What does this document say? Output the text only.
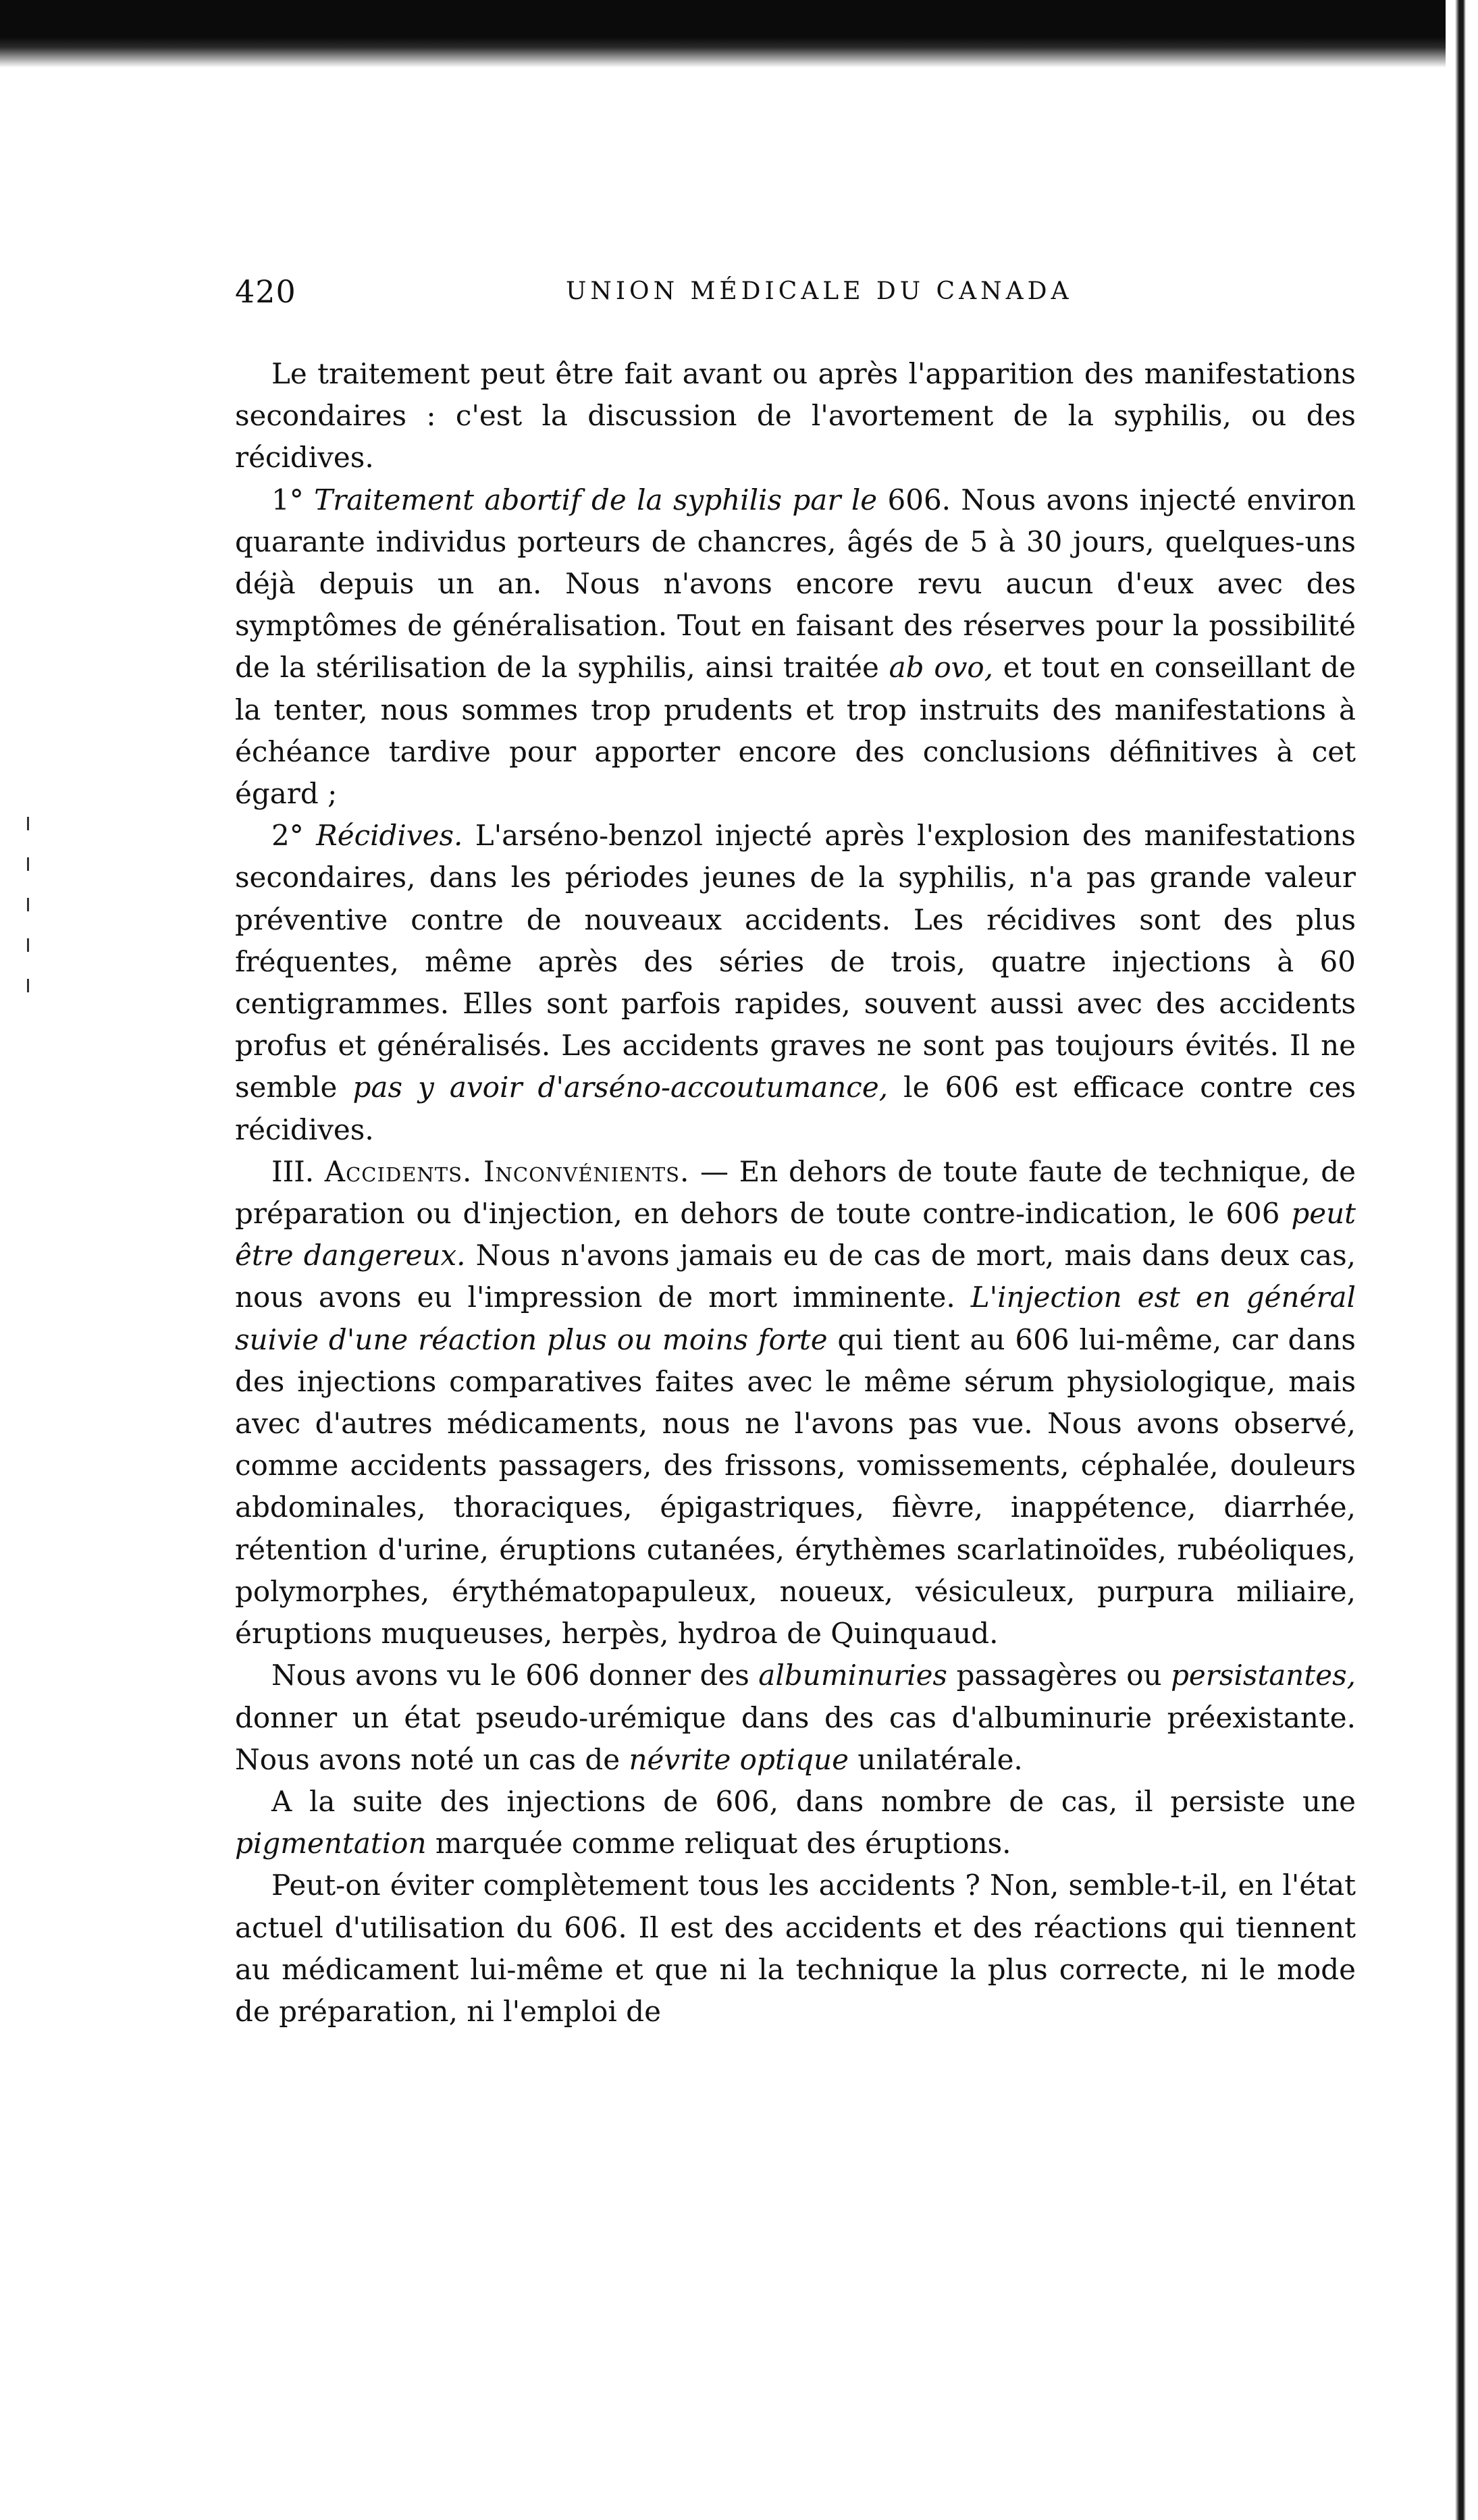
420	UNION MÉDICALE DU CANADA

Le traitement peut être fait avant ou après l'apparition des manifestations secondaires : c'est la discussion de l'avortement de la syphilis, ou des récidives.

1° Traitement abortif de la syphilis par le 606. Nous avons injecté environ quarante individus porteurs de chancres, âgés de 5 à 30 jours, quelques-uns déjà depuis un an. Nous n'avons encore revu aucun d'eux avec des symptômes de généralisation. Tout en faisant des réserves pour la possibilité de la stérilisation de la syphilis, ainsi traitée ab ovo, et tout en conseillant de la tenter, nous sommes trop prudents et trop instruits des manifestations à échéance tardive pour apporter encore des conclusions définitives à cet égard ;

2° Récidives. L'arséno-benzol injecté après l'explosion des manifestations secondaires, dans les périodes jeunes de la syphilis, n'a pas grande valeur préventive contre de nouveaux accidents. Les récidives sont des plus fréquentes, même après des séries de trois, quatre injections à 60 centigrammes. Elles sont parfois rapides, souvent aussi avec des accidents profus et généralisés. Les accidents graves ne sont pas toujours évités. Il ne semble pas y avoir d'arséno-accoutumance, le 606 est efficace contre ces récidives.

III. Accidents. Inconvénients. — En dehors de toute faute de technique, de préparation ou d'injection, en dehors de toute contre-indication, le 606 peut être dangereux. Nous n'avons jamais eu de cas de mort, mais dans deux cas, nous avons eu l'impression de mort imminente. L'injection est en général suivie d'une réaction plus ou moins forte qui tient au 606 lui-même, car dans des injections comparatives faites avec le même sérum physiologique, mais avec d'autres médicaments, nous ne l'avons pas vue. Nous avons observé, comme accidents passagers, des frissons, vomissements, céphalée, douleurs abdominales, thoraciques, épigastriques, fièvre, inappétence, diarrhée, rétention d'urine, éruptions cutanées, érythèmes scarlatinoïdes, rubéoliques, polymorphes, érythématopapuleux, noueux, vésiculeux, purpura miliaire, éruptions muqueuses, herpès, hydroa de Quinquaud.

Nous avons vu le 606 donner des albuminuries passagères ou persistantes, donner un état pseudo-urémique dans des cas d'albuminurie préexistante. Nous avons noté un cas de névrite optique unilatérale.

A la suite des injections de 606, dans nombre de cas, il persiste une pigmentation marquée comme reliquat des éruptions.

Peut-on éviter complètement tous les accidents ? Non, semble-t-il, en l'état actuel d'utilisation du 606. Il est des accidents et des réactions qui tiennent au médicament lui-même et que ni la technique la plus correcte, ni le mode de préparation, ni l'emploi de
